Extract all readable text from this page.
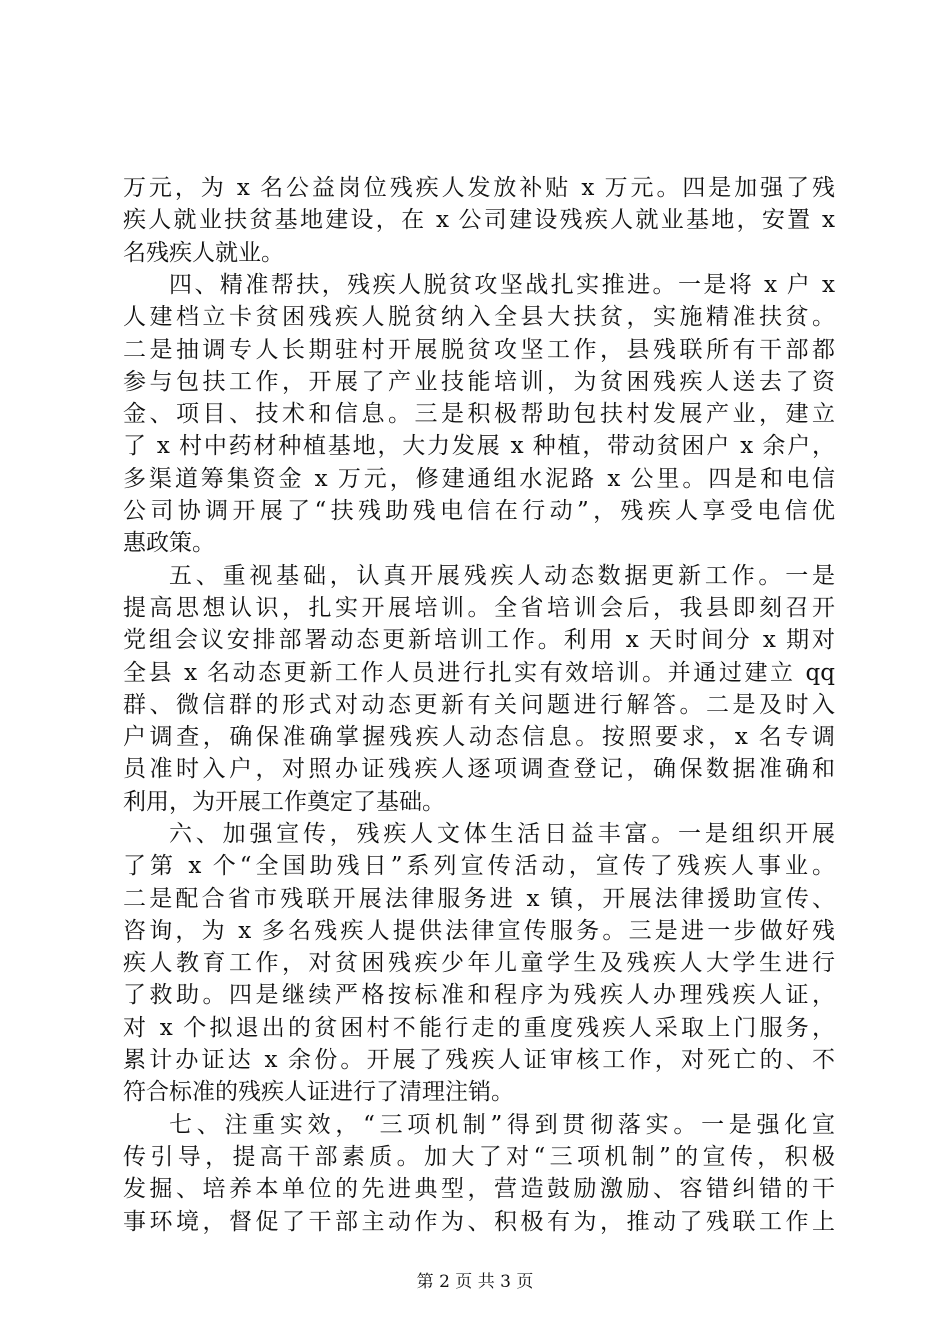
万元，为 x 名公益岗位残疾人发放补贴 x 万元。四是加强了残
疾人就业扶贫基地建设，在 x 公司建设残疾人就业基地，安置 x
名残疾人就业。
四、精准帮扶，残疾人脱贫攻坚战扎实推进。一是将 x 户 x
人建档立卡贫困残疾人脱贫纳入全县大扶贫，实施精准扶贫。
二是抽调专人长期驻村开展脱贫攻坚工作，县残联所有干部都
参与包扶工作，开展了产业技能培训，为贫困残疾人送去了资
金、项目、技术和信息。三是积极帮助包扶村发展产业，建立
了 x 村中药材种植基地，大力发展 x 种植，带动贫困户 x 余户，
多渠道筹集资金 x 万元，修建通组水泥路 x 公里。四是和电信
公司协调开展了“扶残助残电信在行动”，残疾人享受电信优
惠政策。
五、重视基础，认真开展残疾人动态数据更新工作。一是
提高思想认识，扎实开展培训。全省培训会后，我县即刻召开
党组会议安排部署动态更新培训工作。利用 x 天时间分 x 期对
全县 x 名动态更新工作人员进行扎实有效培训。并通过建立 qq
群、微信群的形式对动态更新有关问题进行解答。二是及时入
户调查，确保准确掌握残疾人动态信息。按照要求，x 名专调
员准时入户，对照办证残疾人逐项调查登记，确保数据准确和
利用，为开展工作奠定了基础。
六、加强宣传，残疾人文体生活日益丰富。一是组织开展
了第 x 个“全国助残日”系列宣传活动，宣传了残疾人事业。
二是配合省市残联开展法律服务进 x 镇，开展法律援助宣传、
咨询，为 x 多名残疾人提供法律宣传服务。三是进一步做好残
疾人教育工作，对贫困残疾少年儿童学生及残疾人大学生进行
了救助。四是继续严格按标准和程序为残疾人办理残疾人证，
对 x 个拟退出的贫困村不能行走的重度残疾人采取上门服务，
累计办证达 x 余份。开展了残疾人证审核工作，对死亡的、不
符合标准的残疾人证进行了清理注销。
七、注重实效，“三项机制”得到贯彻落实。一是强化宣
传引导，提高干部素质。加大了对“三项机制”的宣传，积极
发掘、培养本单位的先进典型，营造鼓励激励、容错纠错的干
事环境，督促了干部主动作为、积极有为，推动了残联工作上
第 2 页 共 3 页
